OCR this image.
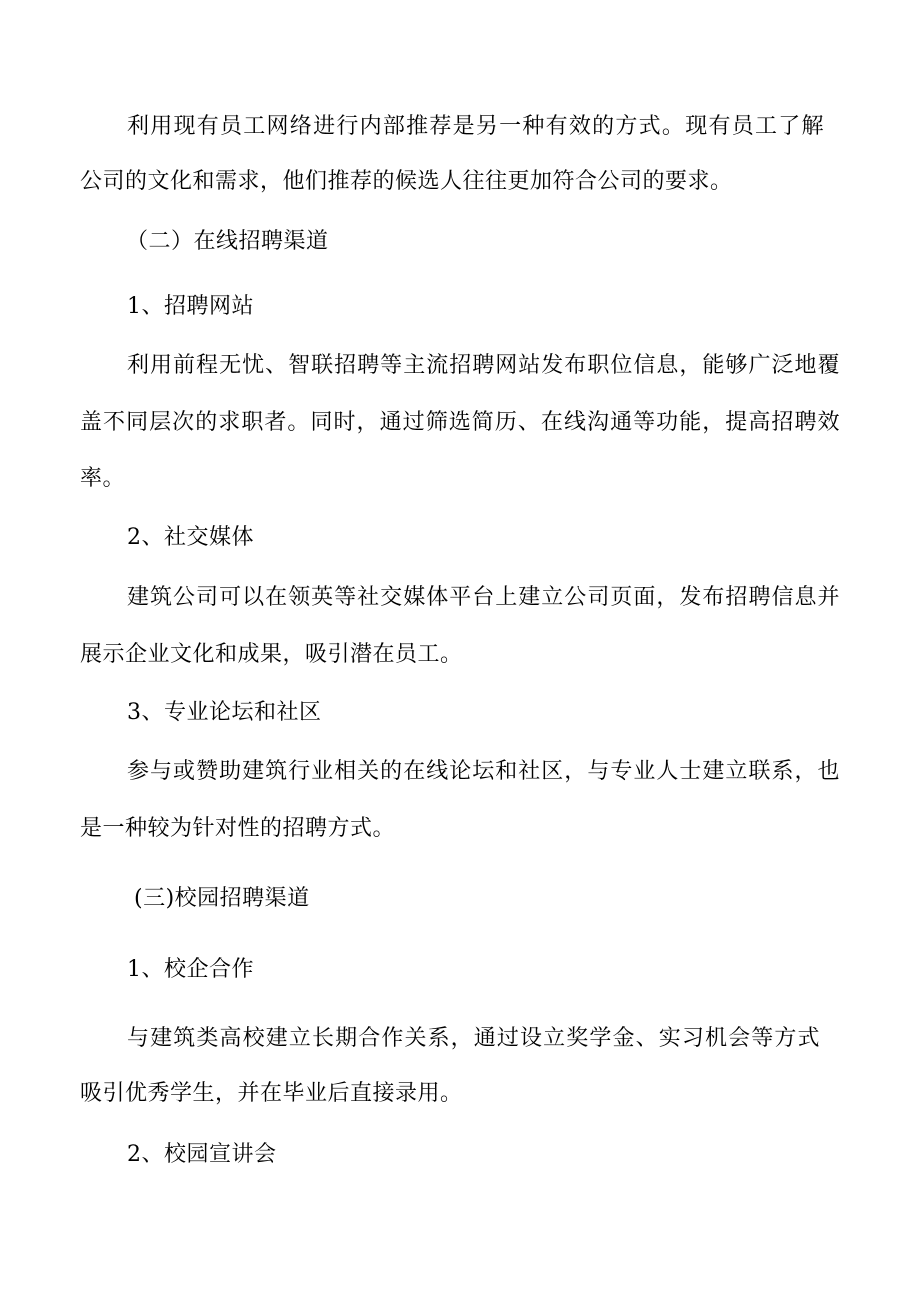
利用现有员工网络进行内部推荐是另一种有效的方式。现有员工了解
公司的文化和需求，他们推荐的候选人往往更加符合公司的要求。
（二）在线招聘渠道
1、招聘网站
利用前程无忧、智联招聘等主流招聘网站发布职位信息，能够广泛地覆
盖不同层次的求职者。同时，通过筛选简历、在线沟通等功能，提高招聘效
率。
2、社交媒体
建筑公司可以在领英等社交媒体平台上建立公司页面，发布招聘信息并
展示企业文化和成果，吸引潜在员工。
3、专业论坛和社区
参与或赞助建筑行业相关的在线论坛和社区，与专业人士建立联系，也
是一种较为针对性的招聘方式。
(三)校园招聘渠道
1、校企合作
与建筑类高校建立长期合作关系，通过设立奖学金、实习机会等方式
吸引优秀学生，并在毕业后直接录用。
2、校园宣讲会
